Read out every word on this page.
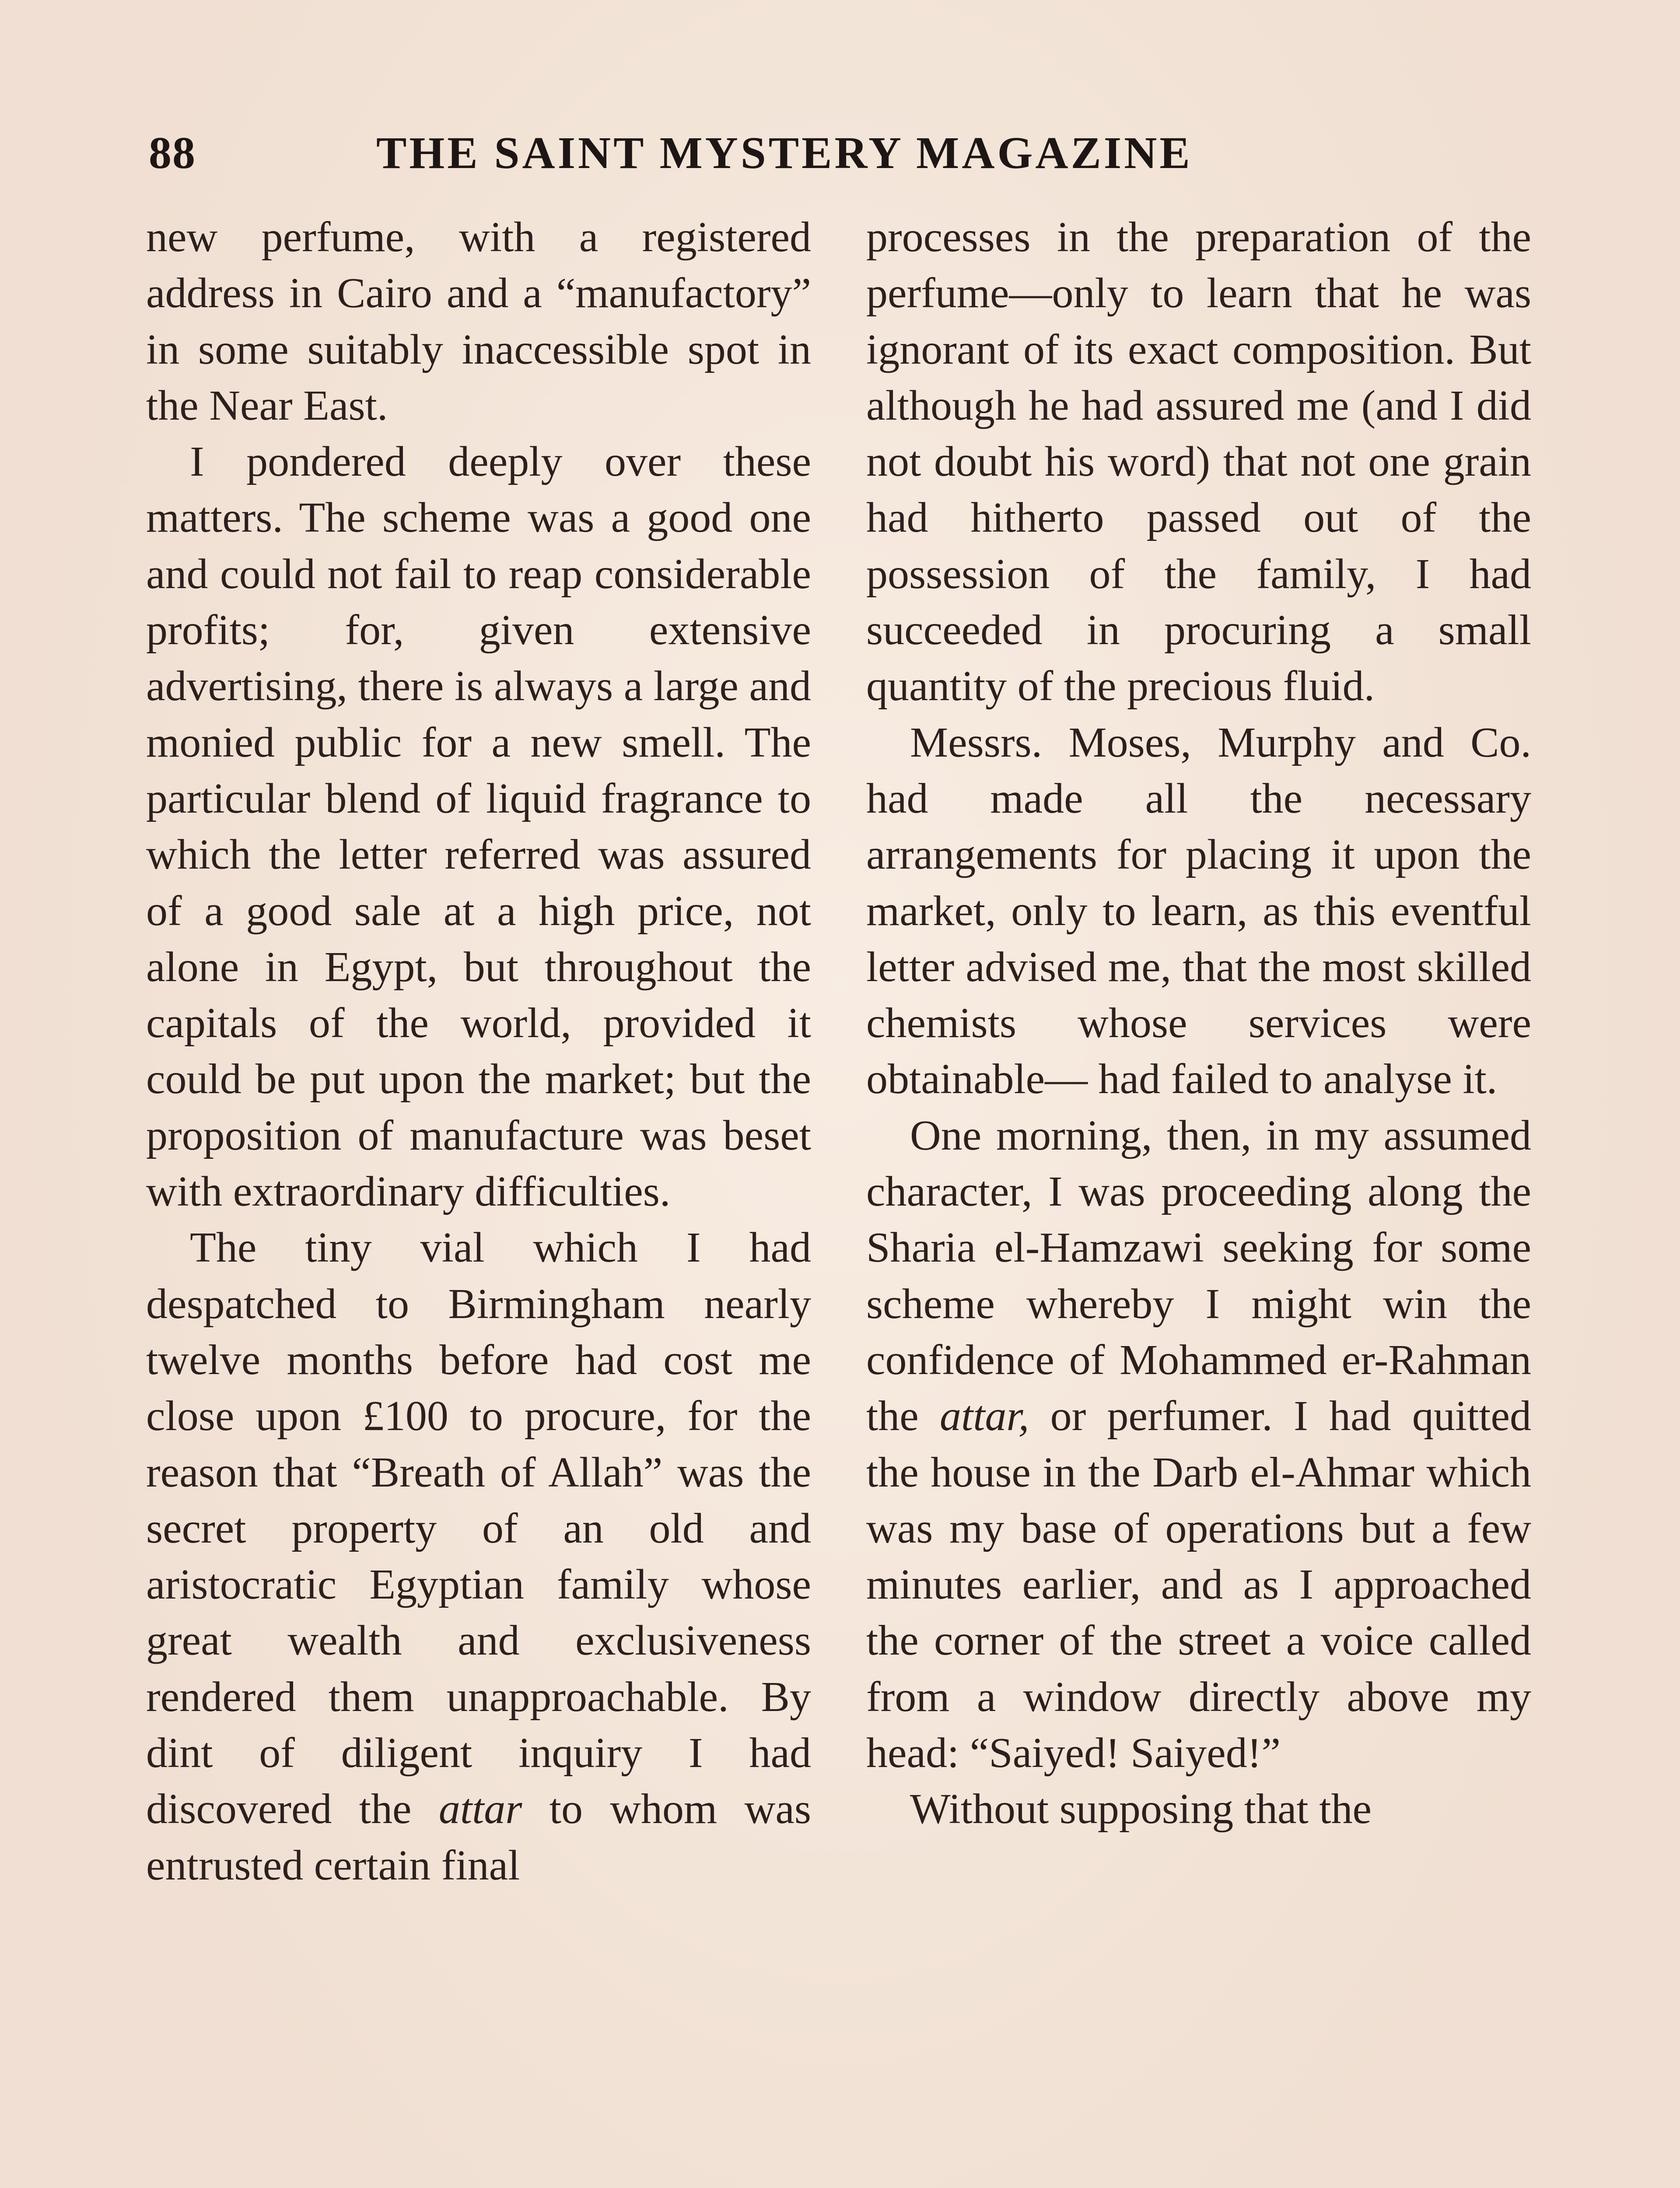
88	THE SAINT MYSTERY MAGAZINE

new perfume, with a registered address in Cairo and a “manufactory” in some suitably inaccessible spot in the Near East.

I pondered deeply over these matters. The scheme was a good one and could not fail to reap considerable profits; for, given extensive advertising, there is always a large and monied public for a new smell. The particular blend of liquid fragrance to which the letter referred was assured of a good sale at a high price, not alone in Egypt, but throughout the capitals of the world, provided it could be put upon the market; but the proposition of manufacture was beset with extraordinary difficulties.

The tiny vial which I had despatched to Birmingham nearly twelve months before had cost me close upon £100 to procure, for the reason that “Breath of Allah” was the secret property of an old and aristocratic Egyptian family whose great wealth and exclusiveness rendered them unapproachable. By dint of diligent inquiry I had discovered the attar to whom was entrusted certain final

processes in the preparation of the perfume—only to learn that he was ignorant of its exact composition. But although he had assured me (and I did not doubt his word) that not one grain had hitherto passed out of the possession of the family, I had succeeded in procuring a small quantity of the precious fluid.

Messrs. Moses, Murphy and Co. had made all the necessary arrangements for placing it upon the market, only to learn, as this eventful letter advised me, that the most skilled chemists whose services were obtainable— had failed to analyse it.

One morning, then, in my assumed character, I was proceeding along the Sharia el-Hamzawi seeking for some scheme whereby I might win the confidence of Mohammed er-Rahman the attar, or perfumer. I had quitted the house in the Darb el-Ahmar which was my base of operations but a few minutes earlier, and as I approached the corner of the street a voice called from a window directly above my head: “Saiyed! Saiyed!”

Without supposing that the
